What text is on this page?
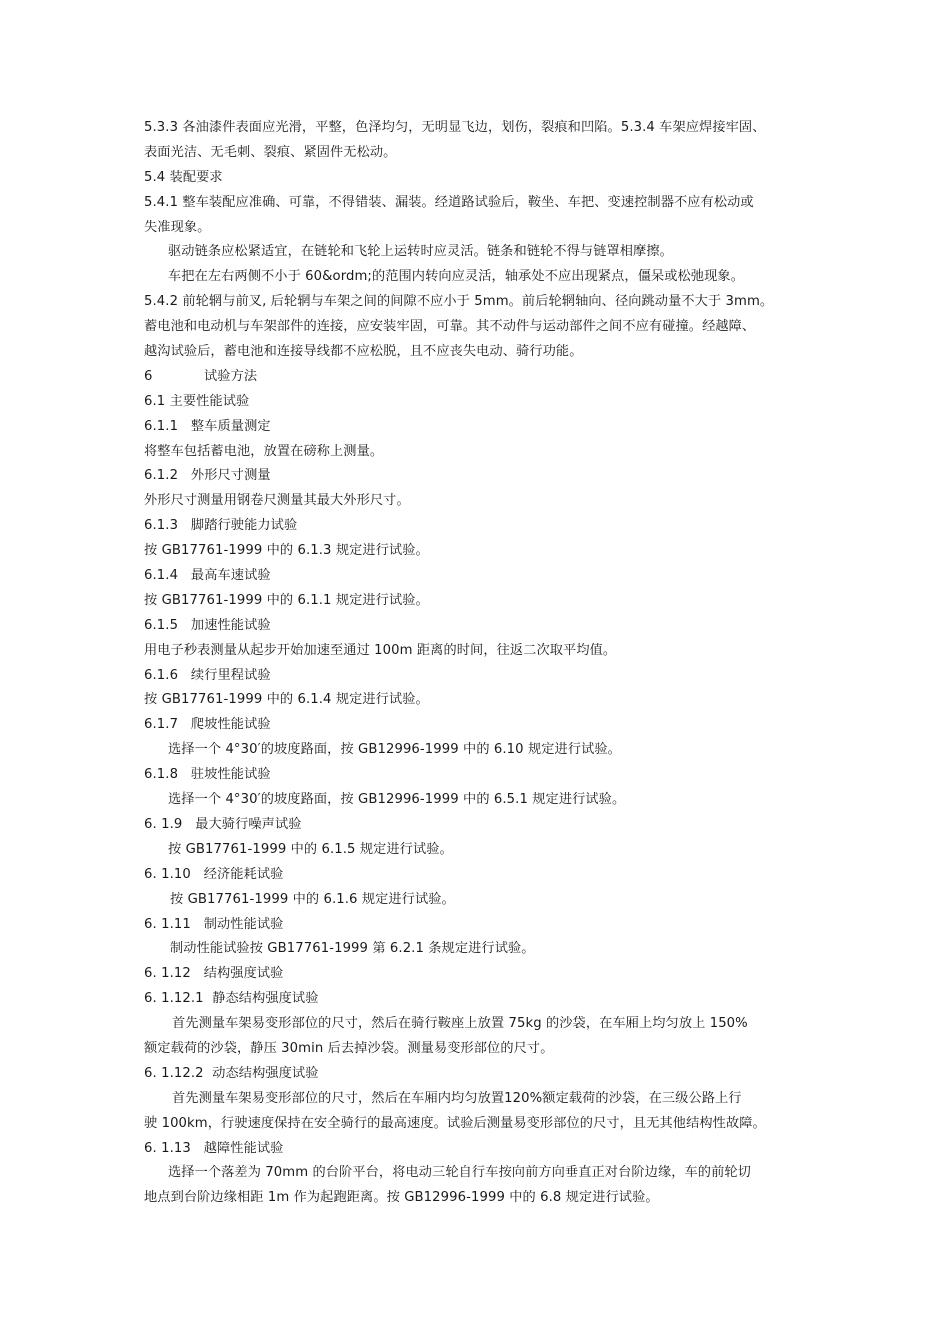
5.3.3 各油漆件表面应光滑，平整，色泽均匀，无明显飞边，划伤，裂痕和凹陷。5.3.4 车架应焊接牢固、
表面光洁、无毛刺、裂痕、紧固件无松动。
5.4 装配要求
5.4.1 整车装配应准确、可靠，不得错装、漏装。经道路试验后，鞍坐、车把、变速控制器不应有松动或
失准现象。
驱动链条应松紧适宜，在链轮和飞轮上运转时应灵活。链条和链轮不得与链罩相摩擦。
车把在左右两侧不小于 60&ordm;的范围内转向应灵活，轴承处不应出现紧点，僵呆或松弛现象。
5.4.2 前轮辋与前叉, 后轮辋与车架之间的间隙不应小于 5mm。前后轮辋轴向、径向跳动量不大于 3mm。
蓄电池和电动机与车架部件的连接，应安装牢固，可靠。其不动件与运动部件之间不应有碰撞。经越障、
越沟试验后，蓄电池和连接导线都不应松脱，且不应丧失电动、骑行功能。
6            试验方法
6.1 主要性能试验
6.1.1   整车质量测定
将整车包括蓄电池，放置在磅称上测量。
6.1.2   外形尺寸测量
外形尺寸测量用钢卷尺测量其最大外形尺寸。
6.1.3   脚踏行驶能力试验
按 GB17761-1999 中的 6.1.3 规定进行试验。
6.1.4   最高车速试验
按 GB17761-1999 中的 6.1.1 规定进行试验。
6.1.5   加速性能试验
用电子秒表测量从起步开始加速至通过 100m 距离的时间，往返二次取平均值。
6.1.6   续行里程试验
按 GB17761-1999 中的 6.1.4 规定进行试验。
6.1.7   爬坡性能试验
选择一个 4°30′的坡度路面，按 GB12996-1999 中的 6.10 规定进行试验。
6.1.8   驻坡性能试验
选择一个 4°30′的坡度路面，按 GB12996-1999 中的 6.5.1 规定进行试验。
6. 1.9   最大骑行噪声试验
按 GB17761-1999 中的 6.1.5 规定进行试验。
6. 1.10   经济能耗试验
按 GB17761-1999 中的 6.1.6 规定进行试验。
6. 1.11   制动性能试验
制动性能试验按 GB17761-1999 第 6.2.1 条规定进行试验。
6. 1.12   结构强度试验
6. 1.12.1  静态结构强度试验
首先测量车架易变形部位的尺寸，然后在骑行鞍座上放置 75kg 的沙袋，在车厢上均匀放上 150%
额定载荷的沙袋，静压 30min 后去掉沙袋。测量易变形部位的尺寸。
6. 1.12.2  动态结构强度试验
首先测量车架易变形部位的尺寸，然后在车厢内均匀放置120%额定载荷的沙袋，在三级公路上行
驶 100km，行驶速度保持在安全骑行的最高速度。试验后测量易变形部位的尺寸，且无其他结构性故障。
6. 1.13   越障性能试验
选择一个落差为 70mm 的台阶平台，将电动三轮自行车按向前方向垂直正对台阶边缘，车的前轮切
地点到台阶边缘相距 1m 作为起跑距离。按 GB12996-1999 中的 6.8 规定进行试验。
